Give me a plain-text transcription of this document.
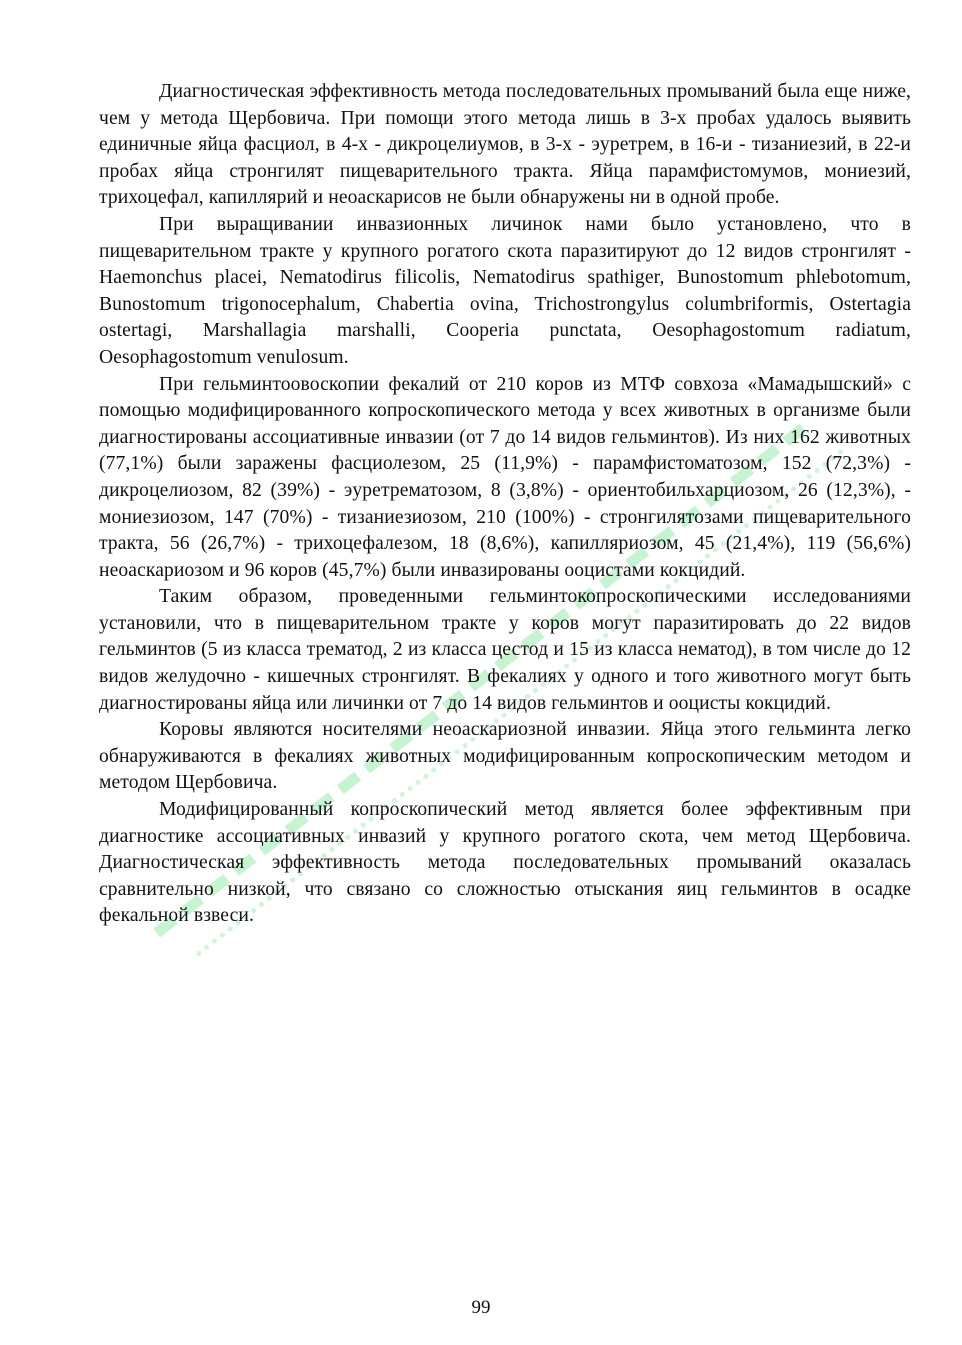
Диагностическая эффективность метода последовательных промываний была еще ниже, чем у метода Щербовича. При помощи этого метода лишь в 3-х пробах удалось выявить единичные яйца фасциол, в 4-х - дикроцелиумов, в 3-х - эуретрем, в 16-и - тизаниезий, в 22-и пробах яйца стронгилят пищеварительного тракта. Яйца парамфистомумов, мониезий, трихоцефал, капиллярий и неоаскарисов не были обнаружены ни в одной пробе.

При выращивании инвазионных личинок нами было установлено, что в пищеварительном тракте у крупного рогатого скота паразитируют до 12 видов стронгилят - Haemonchus placei, Nematodirus filicolis, Nematodirus spathiger, Bunostomum phlebotomum, Bunostomum trigonocephalum, Chabertia ovina, Trichostrongylus columbriformis, Ostertagia ostertagi, Marshallagia marshalli, Cooperia punctata, Oesophagostomum radiatum, Oesophagostomum venulosum.

При гельминтоовоскопии фекалий от 210 коров из МТФ совхоза «Мамадышский» с помощью модифицированного копроскопического метода у всех животных в организме были диагностированы ассоциативные инвазии (от 7 до 14 видов гельминтов). Из них 162 животных (77,1%) были заражены фасциолезом, 25 (11,9%) - парамфистоматозом, 152 (72,3%) - дикроцелиозом, 82 (39%) - эуретрематозом, 8 (3,8%) - ориентобильхарциозом, 26 (12,3%), - мониезиозом, 147 (70%) - тизаниезиозом, 210 (100%) - стронгилятозами пищеварительного тракта, 56 (26,7%) - трихоцефалезом, 18 (8,6%), капилляриозом, 45 (21,4%), 119 (56,6%) неоаскариозом и 96 коров (45,7%) были инвазированы ооцистами кокцидий.

Таким образом, проведенными гельминтокопроскопическими исследованиями установили, что в пищеварительном тракте у коров могут паразитировать до 22 видов гельминтов (5 из класса трематод, 2 из класса цестод и 15 из класса нематод), в том числе до 12 видов желудочно - кишечных стронгилят. В фекалиях у одного и того животного могут быть диагностированы яйца или личинки от 7 до 14 видов гельминтов и ооцисты кокцидий.

Коровы являются носителями неоаскариозной инвазии. Яйца этого гельминта легко обнаруживаются в фекалиях животных модифицированным копроскопическим методом и методом Щербовича.

Модифицированный копроскопический метод является более эффективным при диагностике ассоциативных инвазий у крупного рогатого скота, чем метод Щербовича. Диагностическая эффективность метода последовательных промываний оказалась сравнительно низкой, что связано со сложностью отыскания яиц гельминтов в осадке фекальной взвеси.

99
